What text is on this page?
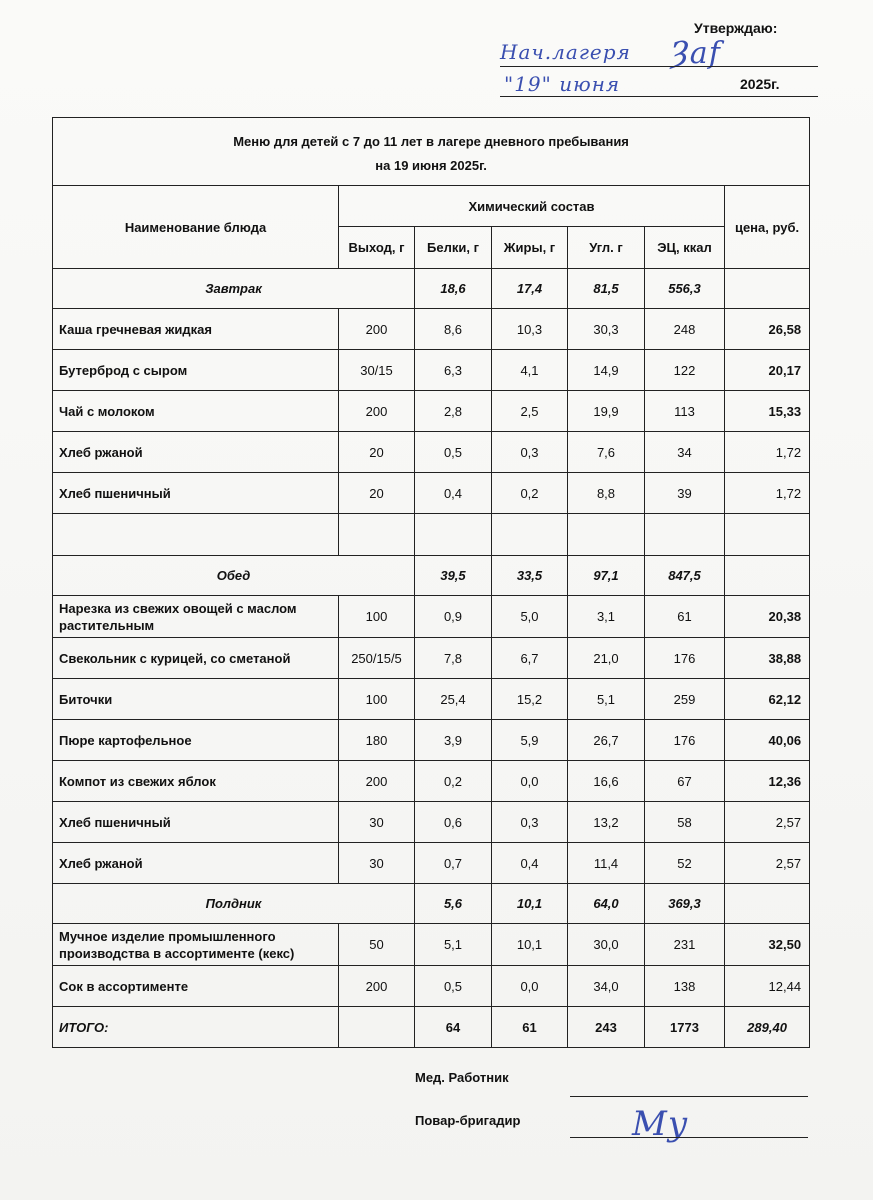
Утверждаю:
Нач.лагеря Ȝaf
"19" июня	2025г.
Меню для детей с 7 до 11 лет в лагере дневного пребывания
на 19 июня 2025г.						

Наименование блюда	Химический состав					цена, руб.
	Выход, г	Белки, г	Жиры, г	Угл. г	ЭЦ, ккал	
Завтрак		18,6	17,4	81,5	556,3	
Каша гречневая жидкая	200	8,6	10,3	30,3	248	26,58
Бутерброд с сыром	30/15	6,3	4,1	14,9	122	20,17
Чай с молоком	200	2,8	2,5	19,9	113	15,33
Хлеб ржаной	20	0,5	0,3	7,6	34	1,72
Хлеб пшеничный	20	0,4	0,2	8,8	39	1,72

Обед		39,5	33,5	97,1	847,5	
Нарезка из свежих овощей с маслом растительным	100	0,9	5,0	3,1	61	20,38
Свекольник с курицей, со сметаной	250/15/5	7,8	6,7	21,0	176	38,88
Биточки	100	25,4	15,2	5,1	259	62,12
Пюре картофельное	180	3,9	5,9	26,7	176	40,06
Компот из свежих яблок	200	0,2	0,0	16,6	67	12,36
Хлеб пшеничный	30	0,6	0,3	13,2	58	2,57
Хлеб ржаной	30	0,7	0,4	11,4	52	2,57
Полдник		5,6	10,1	64,0	369,3	
Мучное изделие промышленного производства в ассортименте (кекс)	50	5,1	10,1	30,0	231	32,50
Сок в ассортименте	200	0,5	0,0	34,0	138	12,44
ИТОГО:		64	61	243	1773	289,40
Мед. Работник
Повар-бригадир	Му
